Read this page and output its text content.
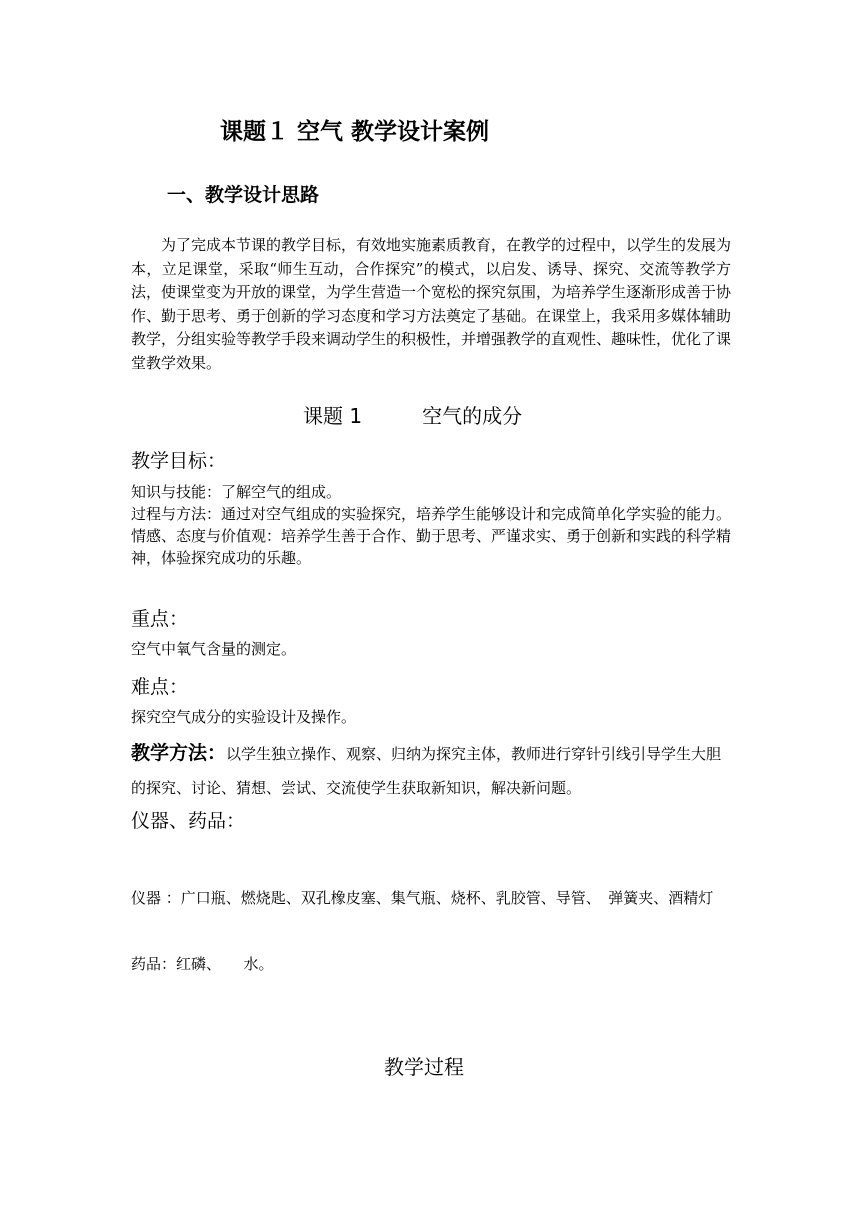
课题１ 空气 教学设计案例
一、教学设计思路
为了完成本节课的教学目标，有效地实施素质教育，在教学的过程中，以学生的发展为本，立足课堂，采取“师生互动，合作探究”的模式，以启发、诱导、探究、交流等教学方法，使课堂变为开放的课堂，为学生营造一个宽松的探究氛围，为培养学生逐渐形成善于协作、勤于思考、勇于创新的学习态度和学习方法奠定了基础。在课堂上，我采用多媒体辅助教学，分组实验等教学手段来调动学生的积极性，并增强教学的直观性、趣味性，优化了课堂教学效果。
课题 1	空气的成分
教学目标：
知识与技能：了解空气的组成。
过程与方法：通过对空气组成的实验探究，培养学生能够设计和完成简单化学实验的能力。
情感、态度与价值观：培养学生善于合作、勤于思考、严谨求实、勇于创新和实践的科学精神，体验探究成功的乐趣。
重点：
空气中氧气含量的测定。
难点：
探究空气成分的实验设计及操作。
教学方法：以学生独立操作、观察、归纳为探究主体，教师进行穿针引线引导学生大胆的探究、讨论、猜想、尝试、交流使学生获取新知识，解决新问题。
仪器、药品：

仪器 ：广口瓶、燃烧匙、双孔橡皮塞、集气瓶、烧杯、乳胶管、导管、　弹簧夹、酒精灯

药品：红磷、　　水。

教学过程
